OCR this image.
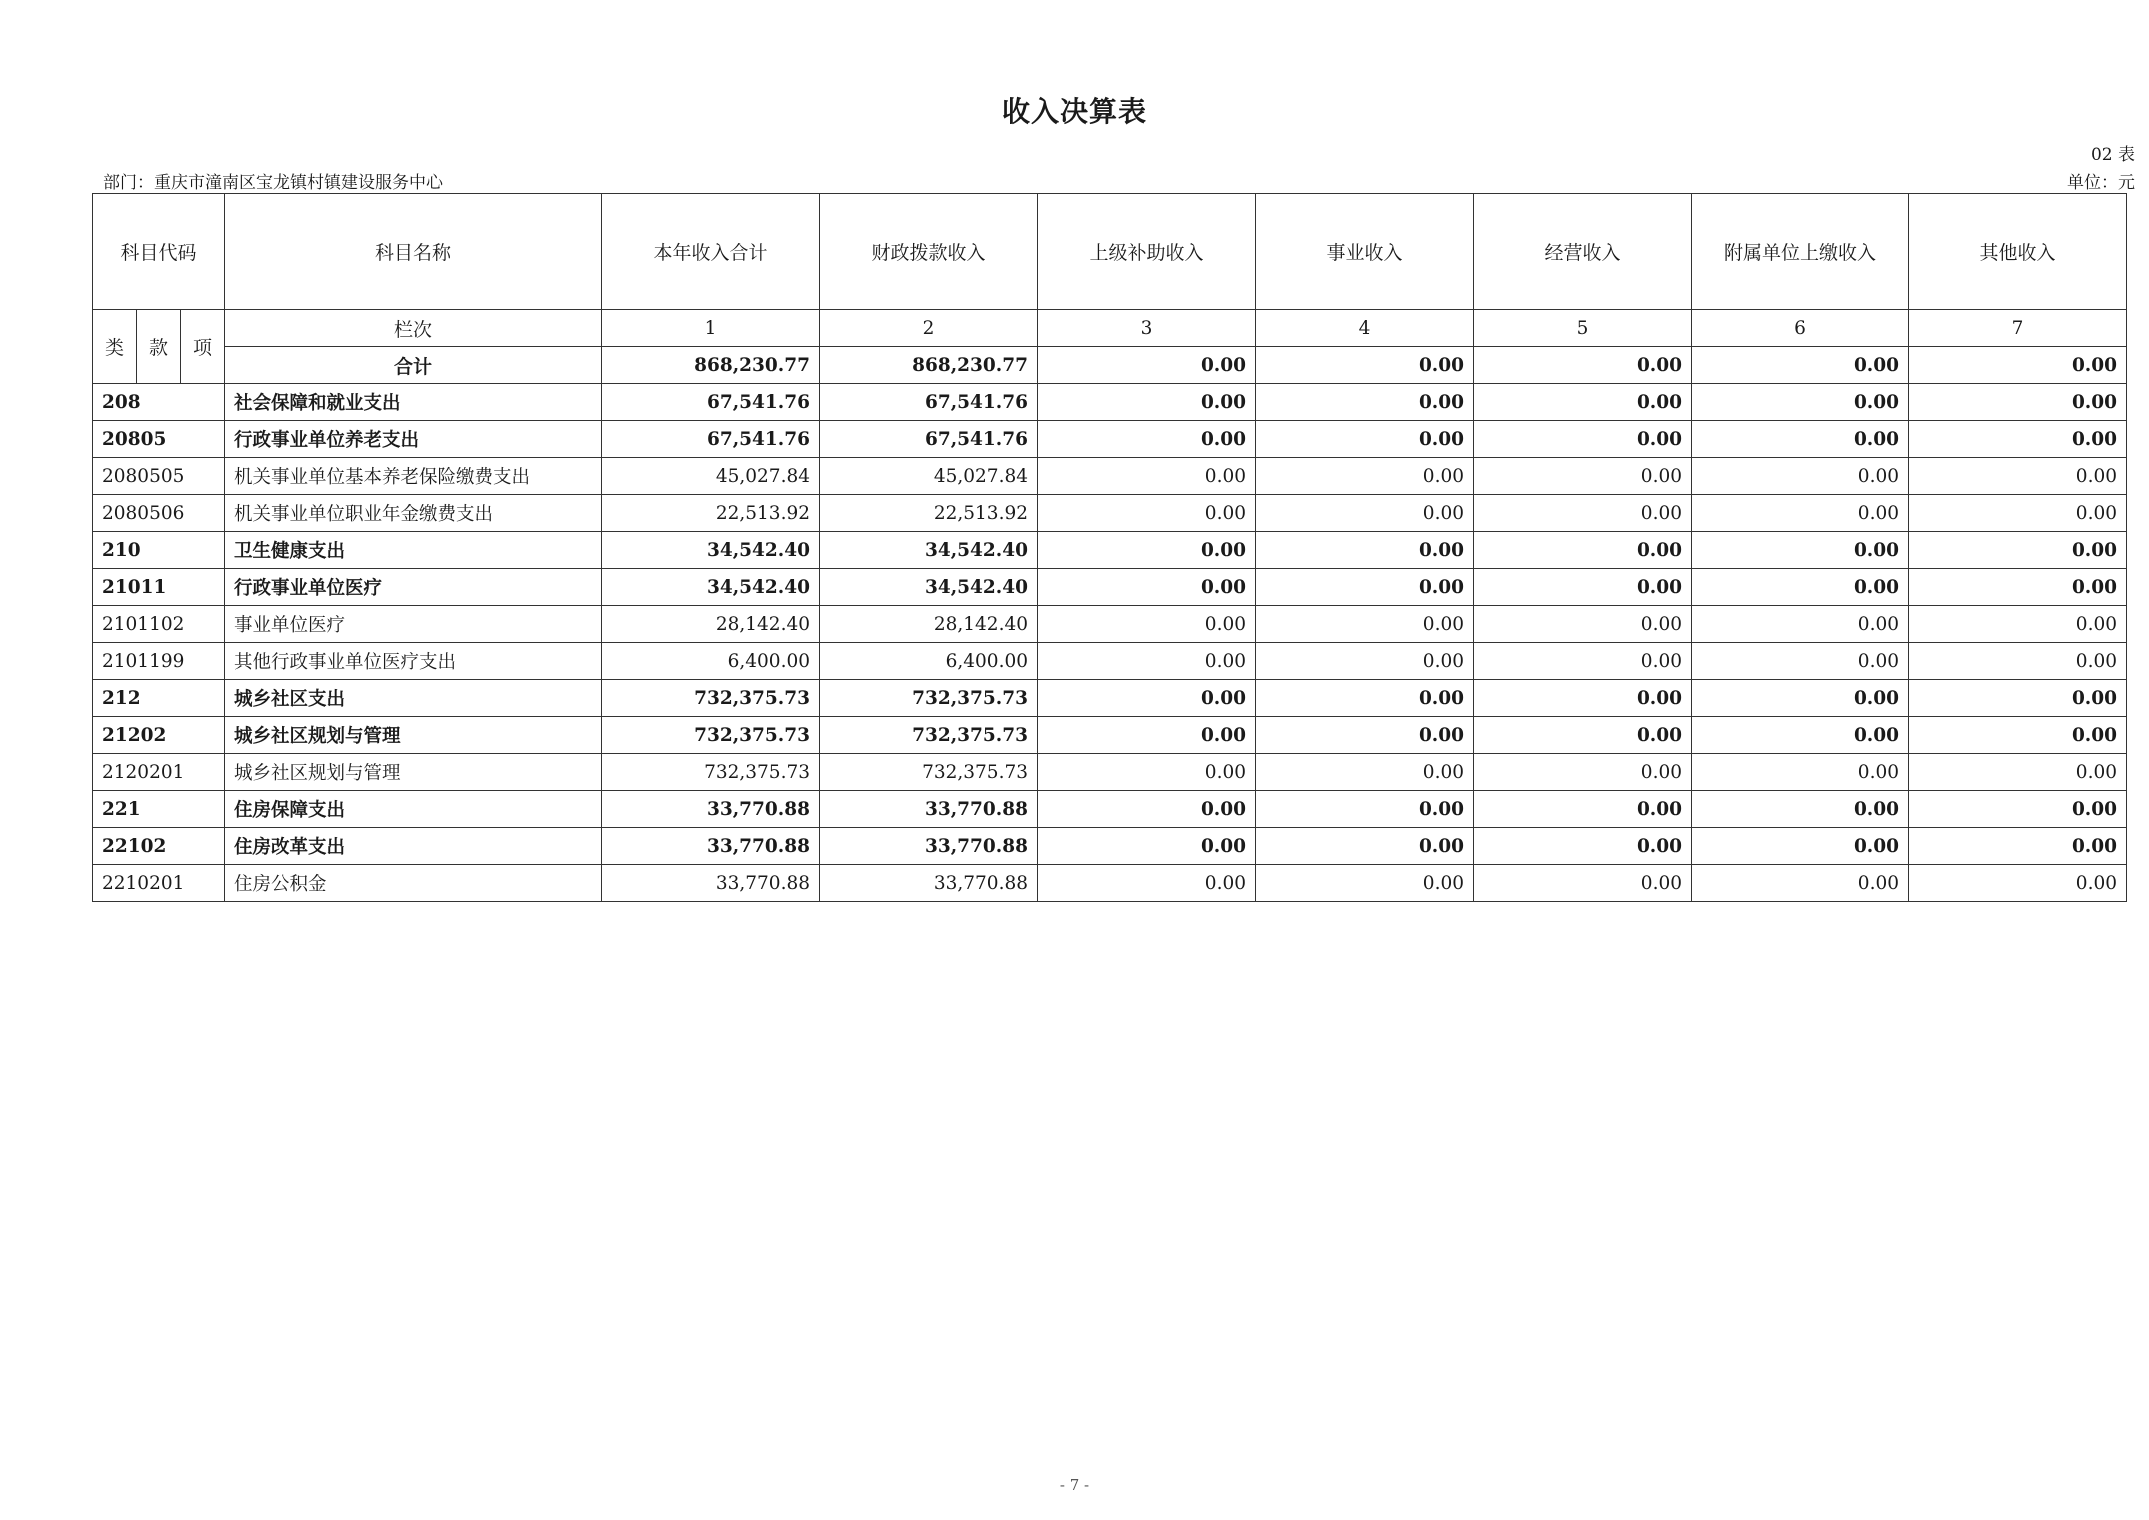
收入决算表
02 表
部门：重庆市潼南区宝龙镇村镇建设服务中心	单位：元
科目代码			科目名称	本年收入合计	财政拨款收入	上级补助收入	事业收入	经营收入	附属单位上缴收入	其他收入
类	款	项	栏次	1	2	3	4	5	6	7
			合计	868,230.77	868,230.77	0.00	0.00	0.00	0.00	0.00
208			社会保障和就业支出	67,541.76	67,541.76	0.00	0.00	0.00	0.00	0.00
20805			行政事业单位养老支出	67,541.76	67,541.76	0.00	0.00	0.00	0.00	0.00
2080505			机关事业单位基本养老保险缴费支出	45,027.84	45,027.84	0.00	0.00	0.00	0.00	0.00
2080506			机关事业单位职业年金缴费支出	22,513.92	22,513.92	0.00	0.00	0.00	0.00	0.00
210			卫生健康支出	34,542.40	34,542.40	0.00	0.00	0.00	0.00	0.00
21011			行政事业单位医疗	34,542.40	34,542.40	0.00	0.00	0.00	0.00	0.00
2101102			事业单位医疗	28,142.40	28,142.40	0.00	0.00	0.00	0.00	0.00
2101199			其他行政事业单位医疗支出	6,400.00	6,400.00	0.00	0.00	0.00	0.00	0.00
212			城乡社区支出	732,375.73	732,375.73	0.00	0.00	0.00	0.00	0.00
21202			城乡社区规划与管理	732,375.73	732,375.73	0.00	0.00	0.00	0.00	0.00
2120201			城乡社区规划与管理	732,375.73	732,375.73	0.00	0.00	0.00	0.00	0.00
221			住房保障支出	33,770.88	33,770.88	0.00	0.00	0.00	0.00	0.00
22102			住房改革支出	33,770.88	33,770.88	0.00	0.00	0.00	0.00	0.00
2210201			住房公积金	33,770.88	33,770.88	0.00	0.00	0.00	0.00	0.00
- 7 -
